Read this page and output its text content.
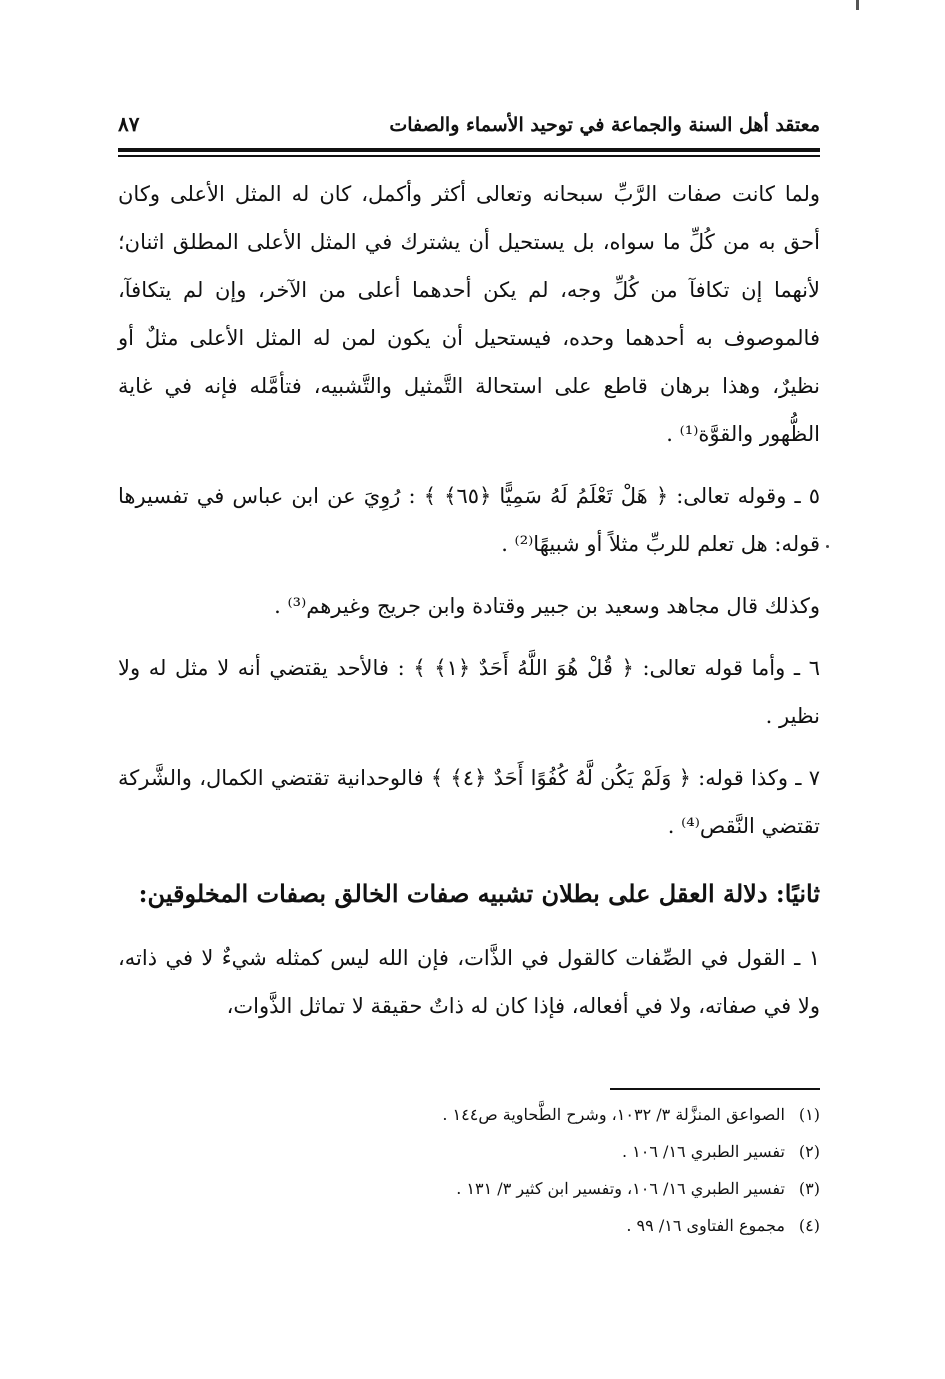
معتقد أهل السنة والجماعة في توحيد الأسماء والصفات
٨٧

ولما كانت صفات الرَّبِّ سبحانه وتعالى أكثر وأكمل، كان له المثل الأعلى وكان أحق به من كُلِّ ما سواه، بل يستحيل أن يشترك في المثل الأعلى المطلق اثنان؛ لأنهما إن تكافآ من كُلِّ وجه، لم يكن أحدهما أعلى من الآخر، وإن لم يتكافآ، فالموصوف به أحدهما وحده، فيستحيل أن يكون لمن له المثل الأعلى مثلٌ أو نظيرٌ، وهذا برهان قاطع على استحالة التَّمثيل والتَّشبيه، فتأمَّله فإنه في غاية الظُّهور والقوَّة⁽¹⁾ .

٥ ـ وقوله تعالى: ﴿ هَلْ تَعْلَمُ لَهُ سَمِيًّا ﴿٦٥﴾ ﴾ : رُوِيَ عن ابن عباس في تفسيرها قوله: هل تعلم للربِّ مثلاً أو شبيهًا⁽²⁾ .

وكذلك قال مجاهد وسعيد بن جبير وقتادة وابن جريج وغيرهم⁽³⁾ .

٦ ـ وأما قوله تعالى: ﴿ قُلْ هُوَ اللَّهُ أَحَدٌ ﴿١﴾ ﴾ : فالأحد يقتضي أنه لا مثل له ولا نظير .

٧ ـ وكذا قوله: ﴿ وَلَمْ يَكُن لَّهُ كُفُوًا أَحَدٌ ﴿٤﴾ ﴾ فالوحدانية تقتضي الكمال، والشَّركة تقتضي النَّقص⁽⁴⁾ .

ثانيًا: دلالة العقل على بطلان تشبيه صفات الخالق بصفات المخلوقين:

١ ـ القول في الصِّفات كالقول في الذَّات، فإن الله ليس كمثله شيءٌ لا في ذاته، ولا في صفاته، ولا في أفعاله، فإذا كان له ذاتٌ حقيقة لا تماثل الذَّوات،

(١) الصواعق المنزَّلة ٣/ ١٠٣٢، وشرح الطَّحاوية ص١٤٤ .
(٢) تفسير الطبري ١٦/ ١٠٦ .
(٣) تفسير الطبري ١٦/ ١٠٦، وتفسير ابن كثير ٣/ ١٣١ .
(٤) مجموع الفتاوى ١٦/ ٩٩ .
